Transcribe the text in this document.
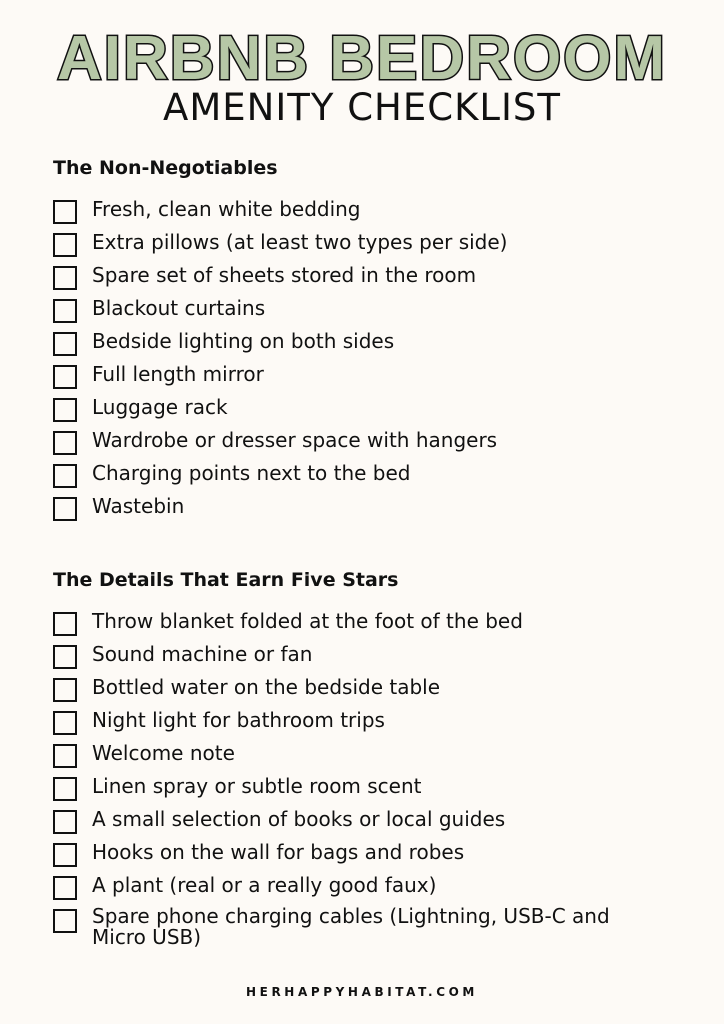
AIRBNB BEDROOM
AMENITY CHECKLIST
The Non-Negotiables
Fresh, clean white bedding
Extra pillows (at least two types per side)
Spare set of sheets stored in the room
Blackout curtains
Bedside lighting on both sides
Full length mirror
Luggage rack
Wardrobe or dresser space with hangers
Charging points next to the bed
Wastebin
The Details That Earn Five Stars
Throw blanket folded at the foot of the bed
Sound machine or fan
Bottled water on the bedside table
Night light for bathroom trips
Welcome note
Linen spray or subtle room scent
A small selection of books or local guides
Hooks on the wall for bags and robes
A plant (real or a really good faux)
Spare phone charging cables (Lightning, USB-C and Micro USB)
HERHAPPYHABITAT.COM
